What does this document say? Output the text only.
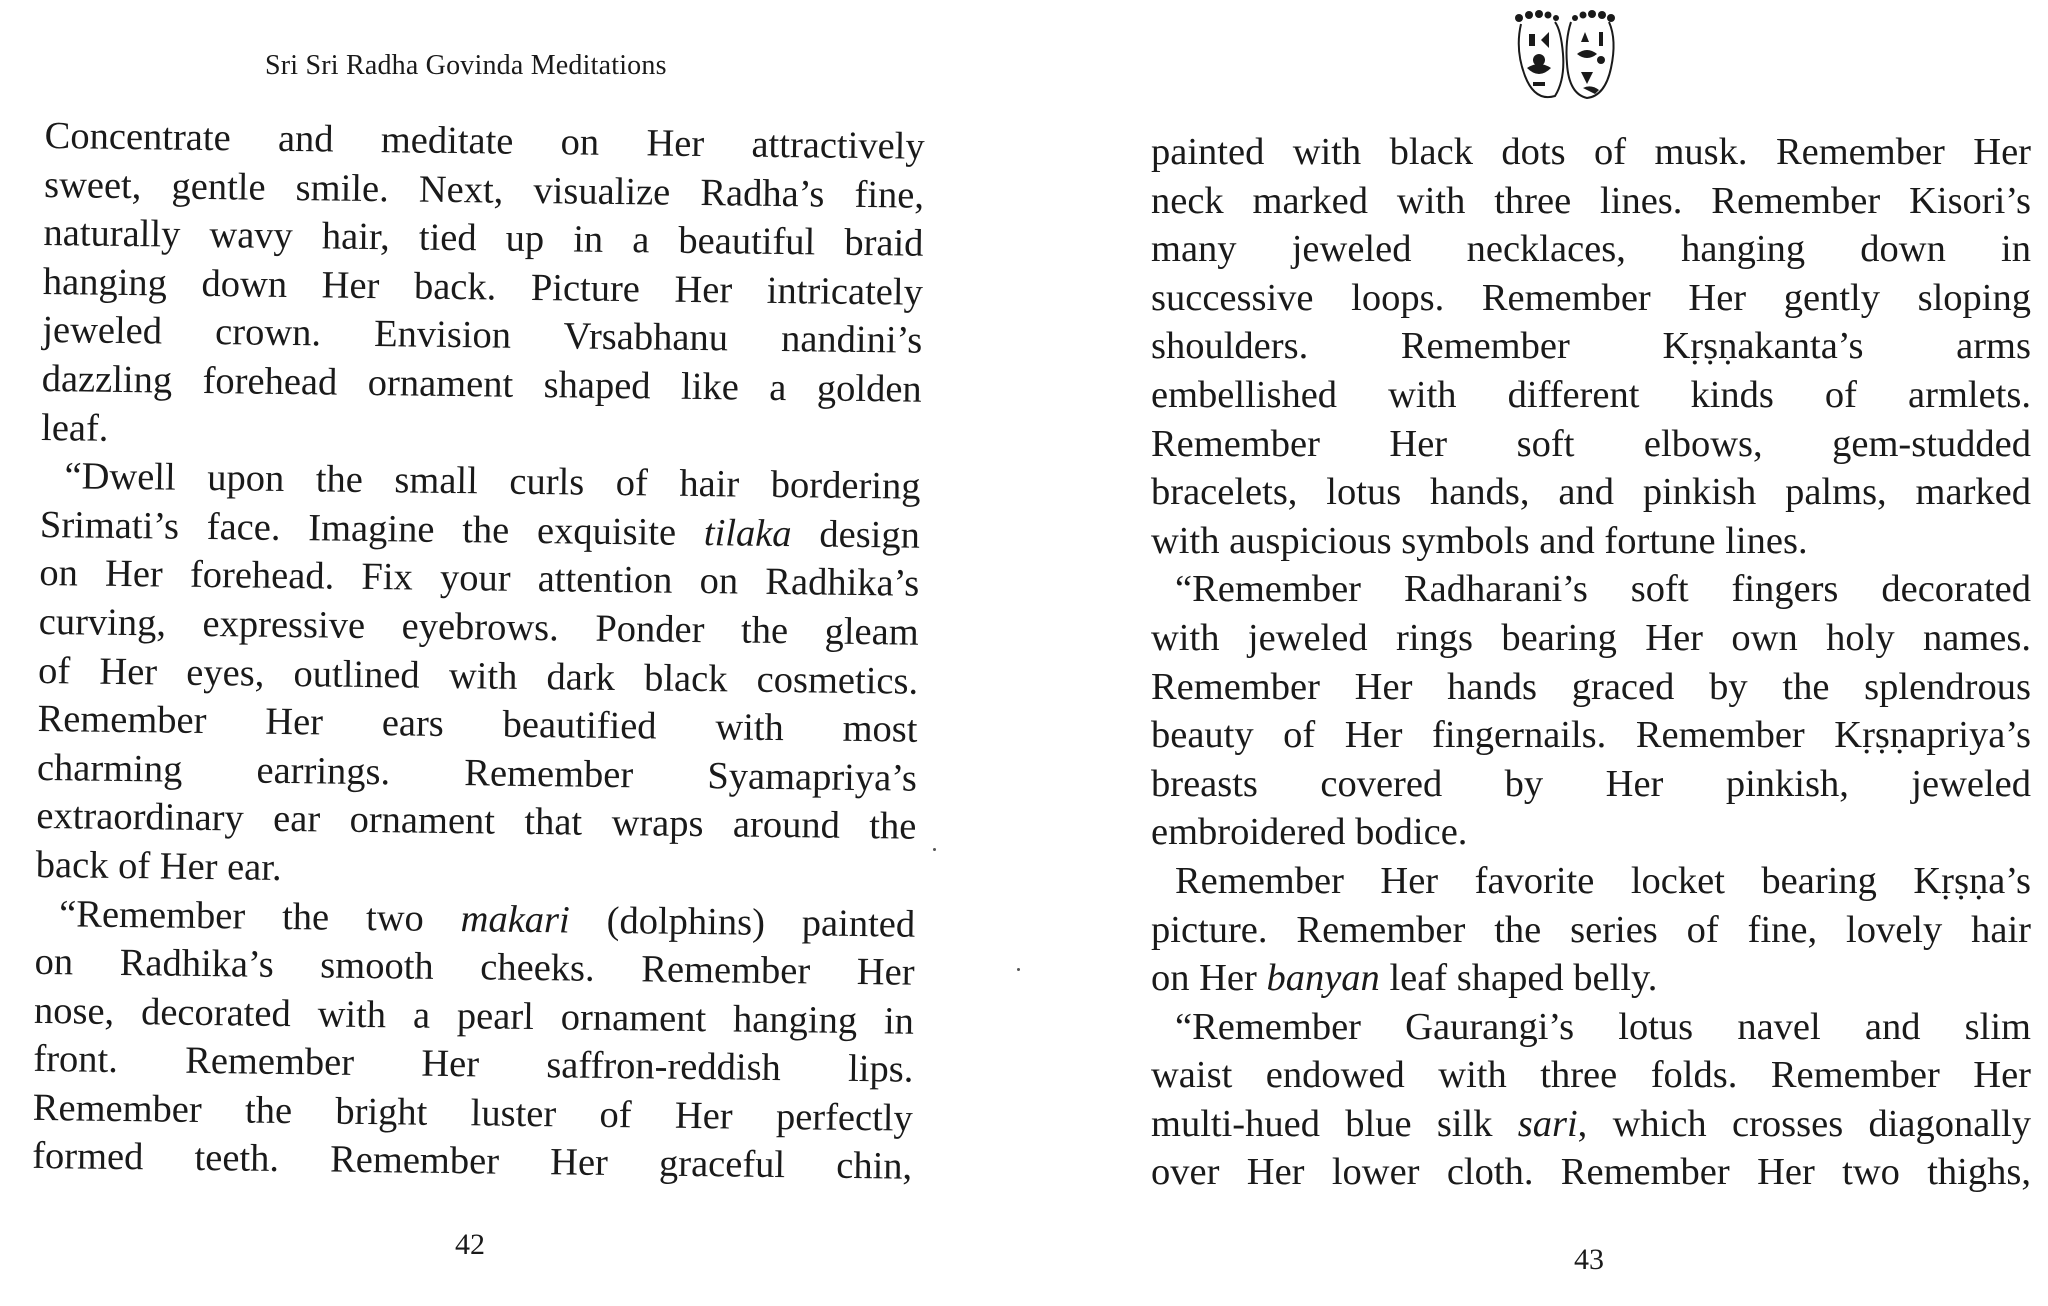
Sri Sri Radha Govinda Meditations
Concentrate and meditate on Her attractively
sweet, gentle smile. Next, visualize Radha’s fine,
naturally wavy hair, tied up in a beautiful braid
hanging down Her back. Picture Her intricately
jeweled crown. Envision Vrsabhanu nandini’s
dazzling forehead ornament shaped like a golden
leaf.
“Dwell upon the small curls of hair bordering
Srimati’s face. Imagine the exquisite tilaka design
on Her forehead. Fix your attention on Radhika’s
curving, expressive eyebrows. Ponder the gleam
of Her eyes, outlined with dark black cosmetics.
Remember Her ears beautified with most
charming earrings. Remember Syamapriya’s
extraordinary ear ornament that wraps around the
back of Her ear.
“Remember the two makari (dolphins) painted
on Radhika’s smooth cheeks. Remember Her
nose, decorated with a pearl ornament hanging in
front. Remember Her saffron-reddish lips.
Remember the bright luster of Her perfectly
formed teeth. Remember Her graceful chin,
42
painted with black dots of musk. Remember Her
neck marked with three lines. Remember Kisori’s
many jeweled necklaces, hanging down in
successive loops. Remember Her gently sloping
shoulders. Remember Kṛṣṇakanta’s arms
embellished with different kinds of armlets.
Remember Her soft elbows, gem-studded
bracelets, lotus hands, and pinkish palms, marked
with auspicious symbols and fortune lines.
“Remember Radharani’s soft fingers decorated
with jeweled rings bearing Her own holy names.
Remember Her hands graced by the splendrous
beauty of Her fingernails. Remember Kṛṣṇapriya’s
breasts covered by Her pinkish, jeweled
embroidered bodice.
Remember Her favorite locket bearing Kṛṣṇa’s
picture. Remember the series of fine, lovely hair
on Her banyan leaf shaped belly.
“Remember Gaurangi’s lotus navel and slim
waist endowed with three folds. Remember Her
multi-hued blue silk sari, which crosses diagonally
over Her lower cloth. Remember Her two thighs,
43
